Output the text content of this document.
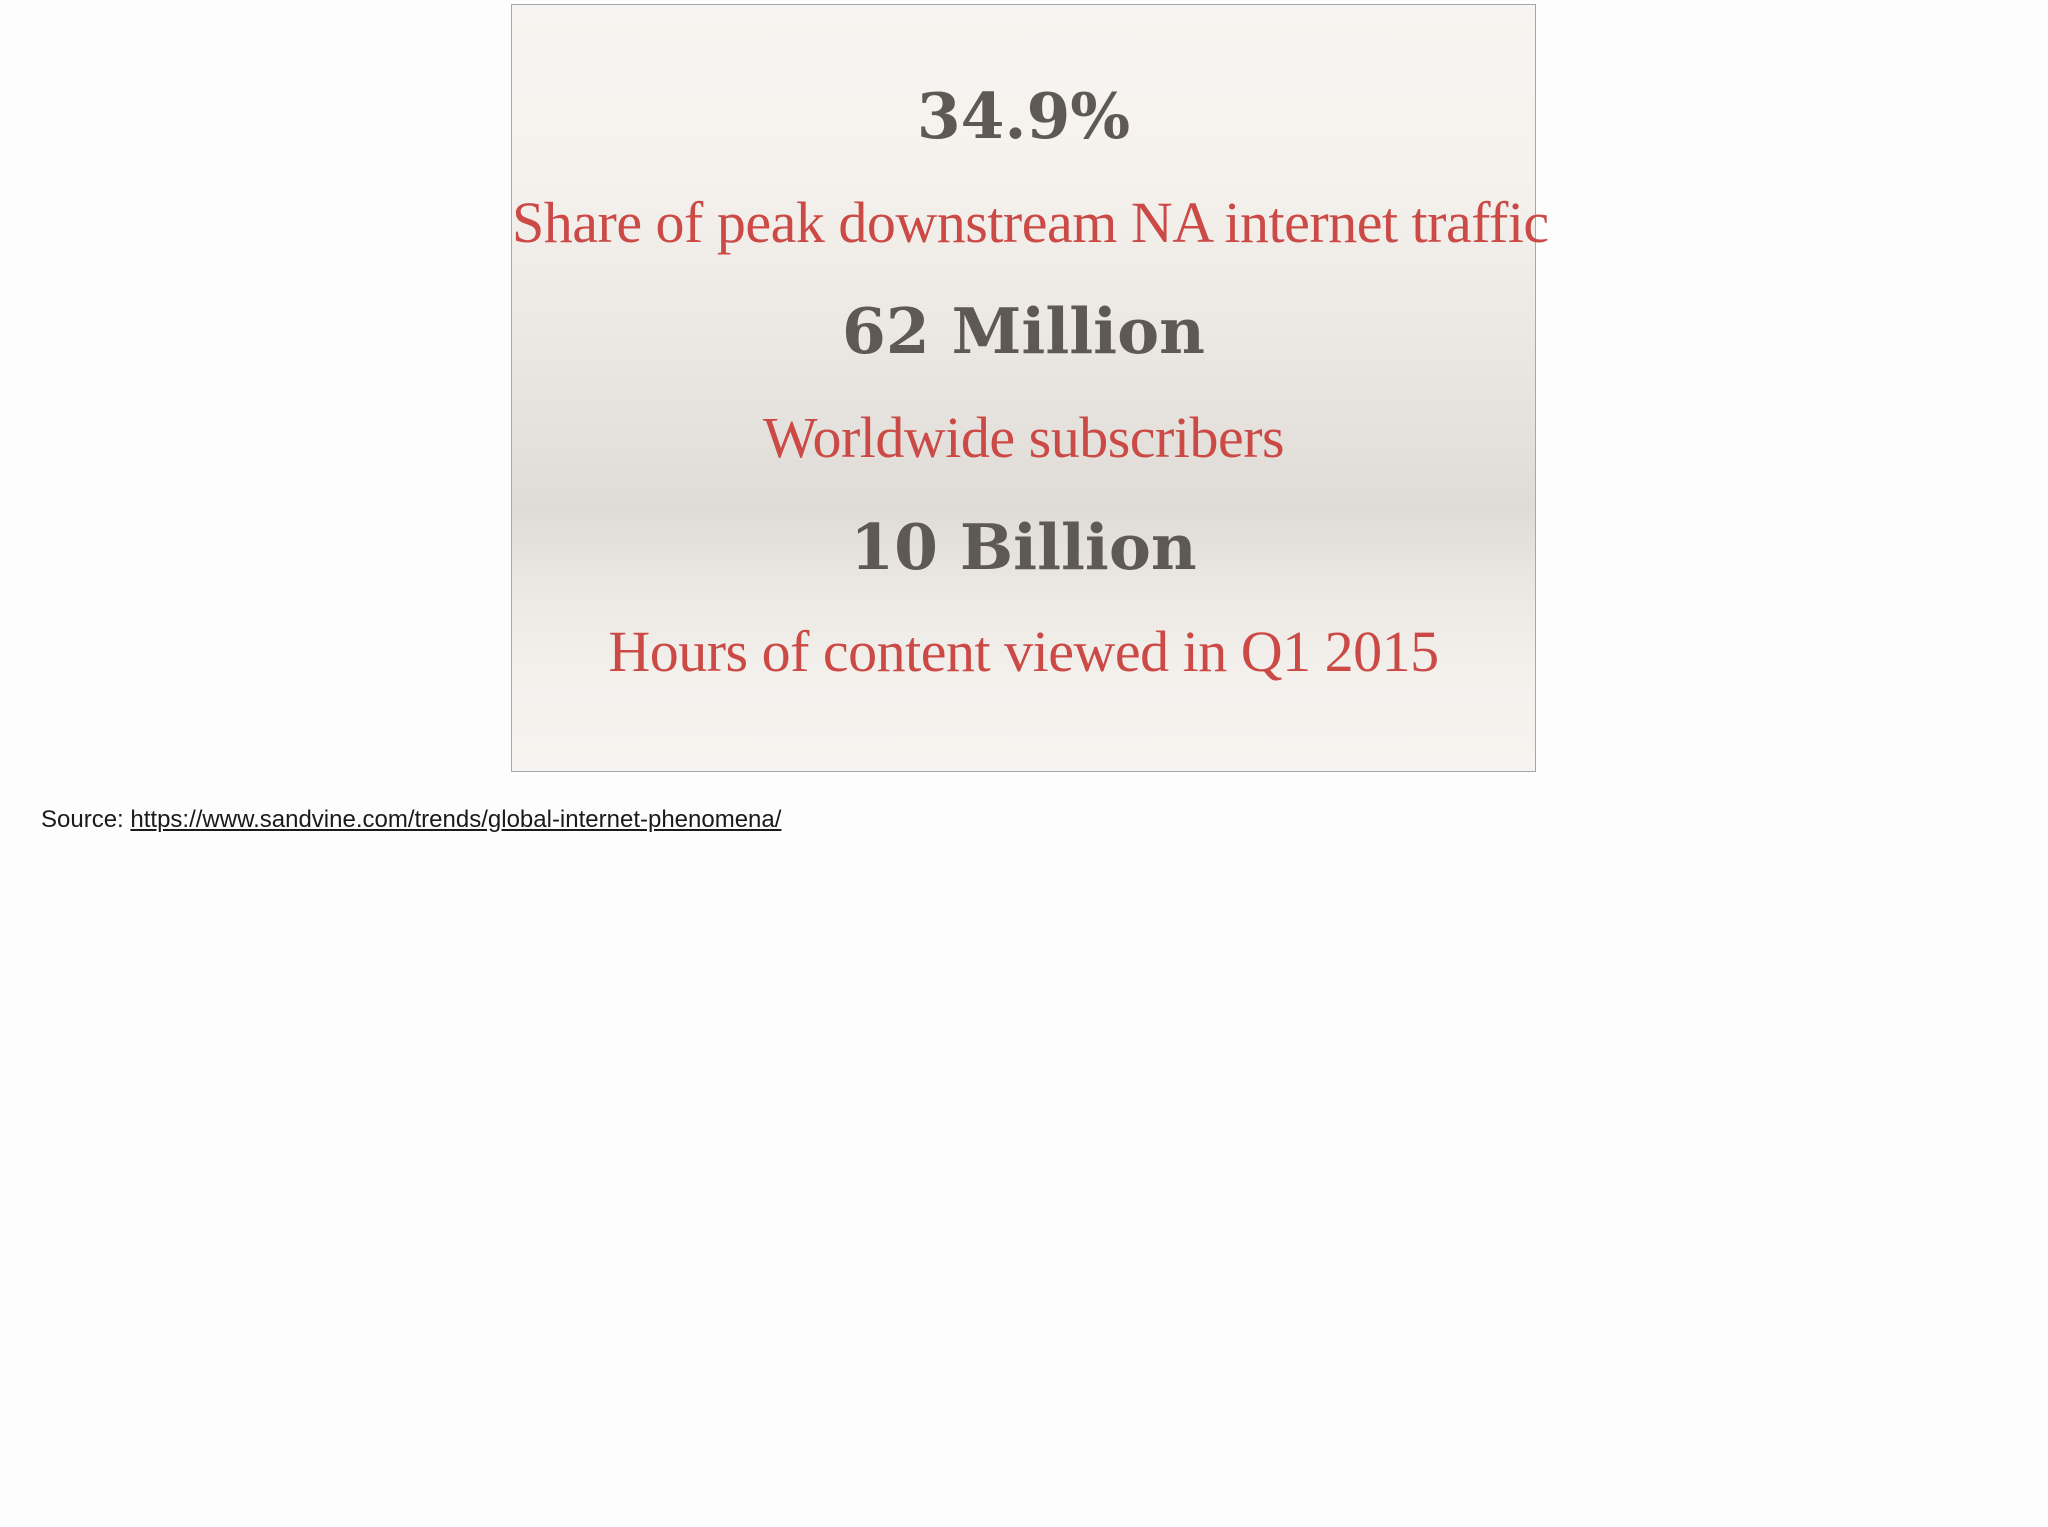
34.9%
Share of peak downstream NA internet traffic
62 Million
Worldwide subscribers
10 Billion
Hours of content viewed in Q1 2015
Source: https://www.sandvine.com/trends/global-internet-phenomena/
